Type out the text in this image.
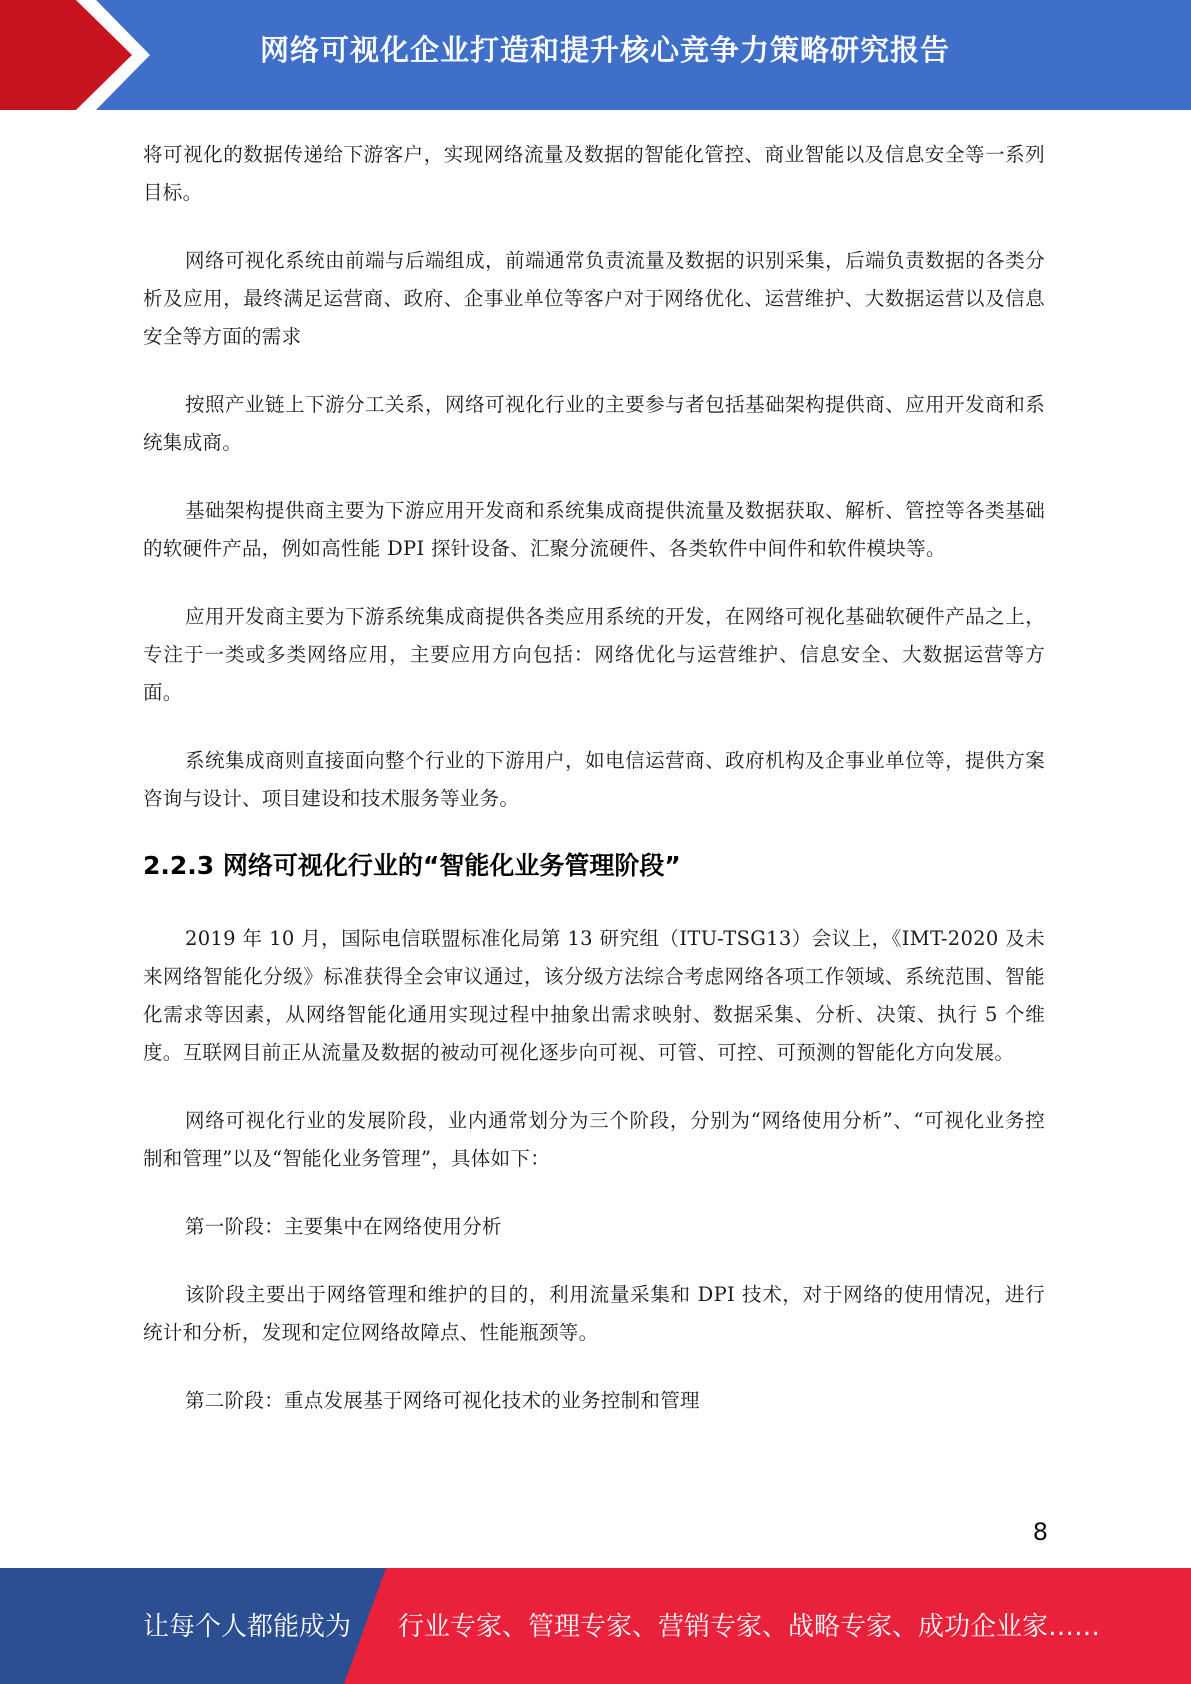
网络可视化企业打造和提升核心竞争力策略研究报告

将可视化的数据传递给下游客户，实现网络流量及数据的智能化管控、商业智能以及信息安全等一系列目标。

网络可视化系统由前端与后端组成，前端通常负责流量及数据的识别采集，后端负责数据的各类分析及应用，最终满足运营商、政府、企事业单位等客户对于网络优化、运营维护、大数据运营以及信息安全等方面的需求

按照产业链上下游分工关系，网络可视化行业的主要参与者包括基础架构提供商、应用开发商和系统集成商。

基础架构提供商主要为下游应用开发商和系统集成商提供流量及数据获取、解析、管控等各类基础的软硬件产品，例如高性能 DPI 探针设备、汇聚分流硬件、各类软件中间件和软件模块等。

应用开发商主要为下游系统集成商提供各类应用系统的开发，在网络可视化基础软硬件产品之上，专注于一类或多类网络应用，主要应用方向包括：网络优化与运营维护、信息安全、大数据运营等方面。

系统集成商则直接面向整个行业的下游用户，如电信运营商、政府机构及企事业单位等，提供方案咨询与设计、项目建设和技术服务等业务。

2.2.3 网络可视化行业的“智能化业务管理阶段”

2019 年 10 月，国际电信联盟标准化局第 13 研究组（ITU-TSG13）会议上，《IMT-2020 及未来网络智能化分级》标准获得全会审议通过，该分级方法综合考虑网络各项工作领域、系统范围、智能化需求等因素，从网络智能化通用实现过程中抽象出需求映射、数据采集、分析、决策、执行 5 个维度。互联网目前正从流量及数据的被动可视化逐步向可视、可管、可控、可预测的智能化方向发展。

网络可视化行业的发展阶段，业内通常划分为三个阶段，分别为“网络使用分析”、“可视化业务控制和管理”以及“智能化业务管理”，具体如下：

第一阶段：主要集中在网络使用分析

该阶段主要出于网络管理和维护的目的，利用流量采集和 DPI 技术，对于网络的使用情况，进行统计和分析，发现和定位网络故障点、性能瓶颈等。

第二阶段：重点发展基于网络可视化技术的业务控制和管理

8
让每个人都能成为 行业专家、管理专家、营销专家、战略专家、成功企业家……
